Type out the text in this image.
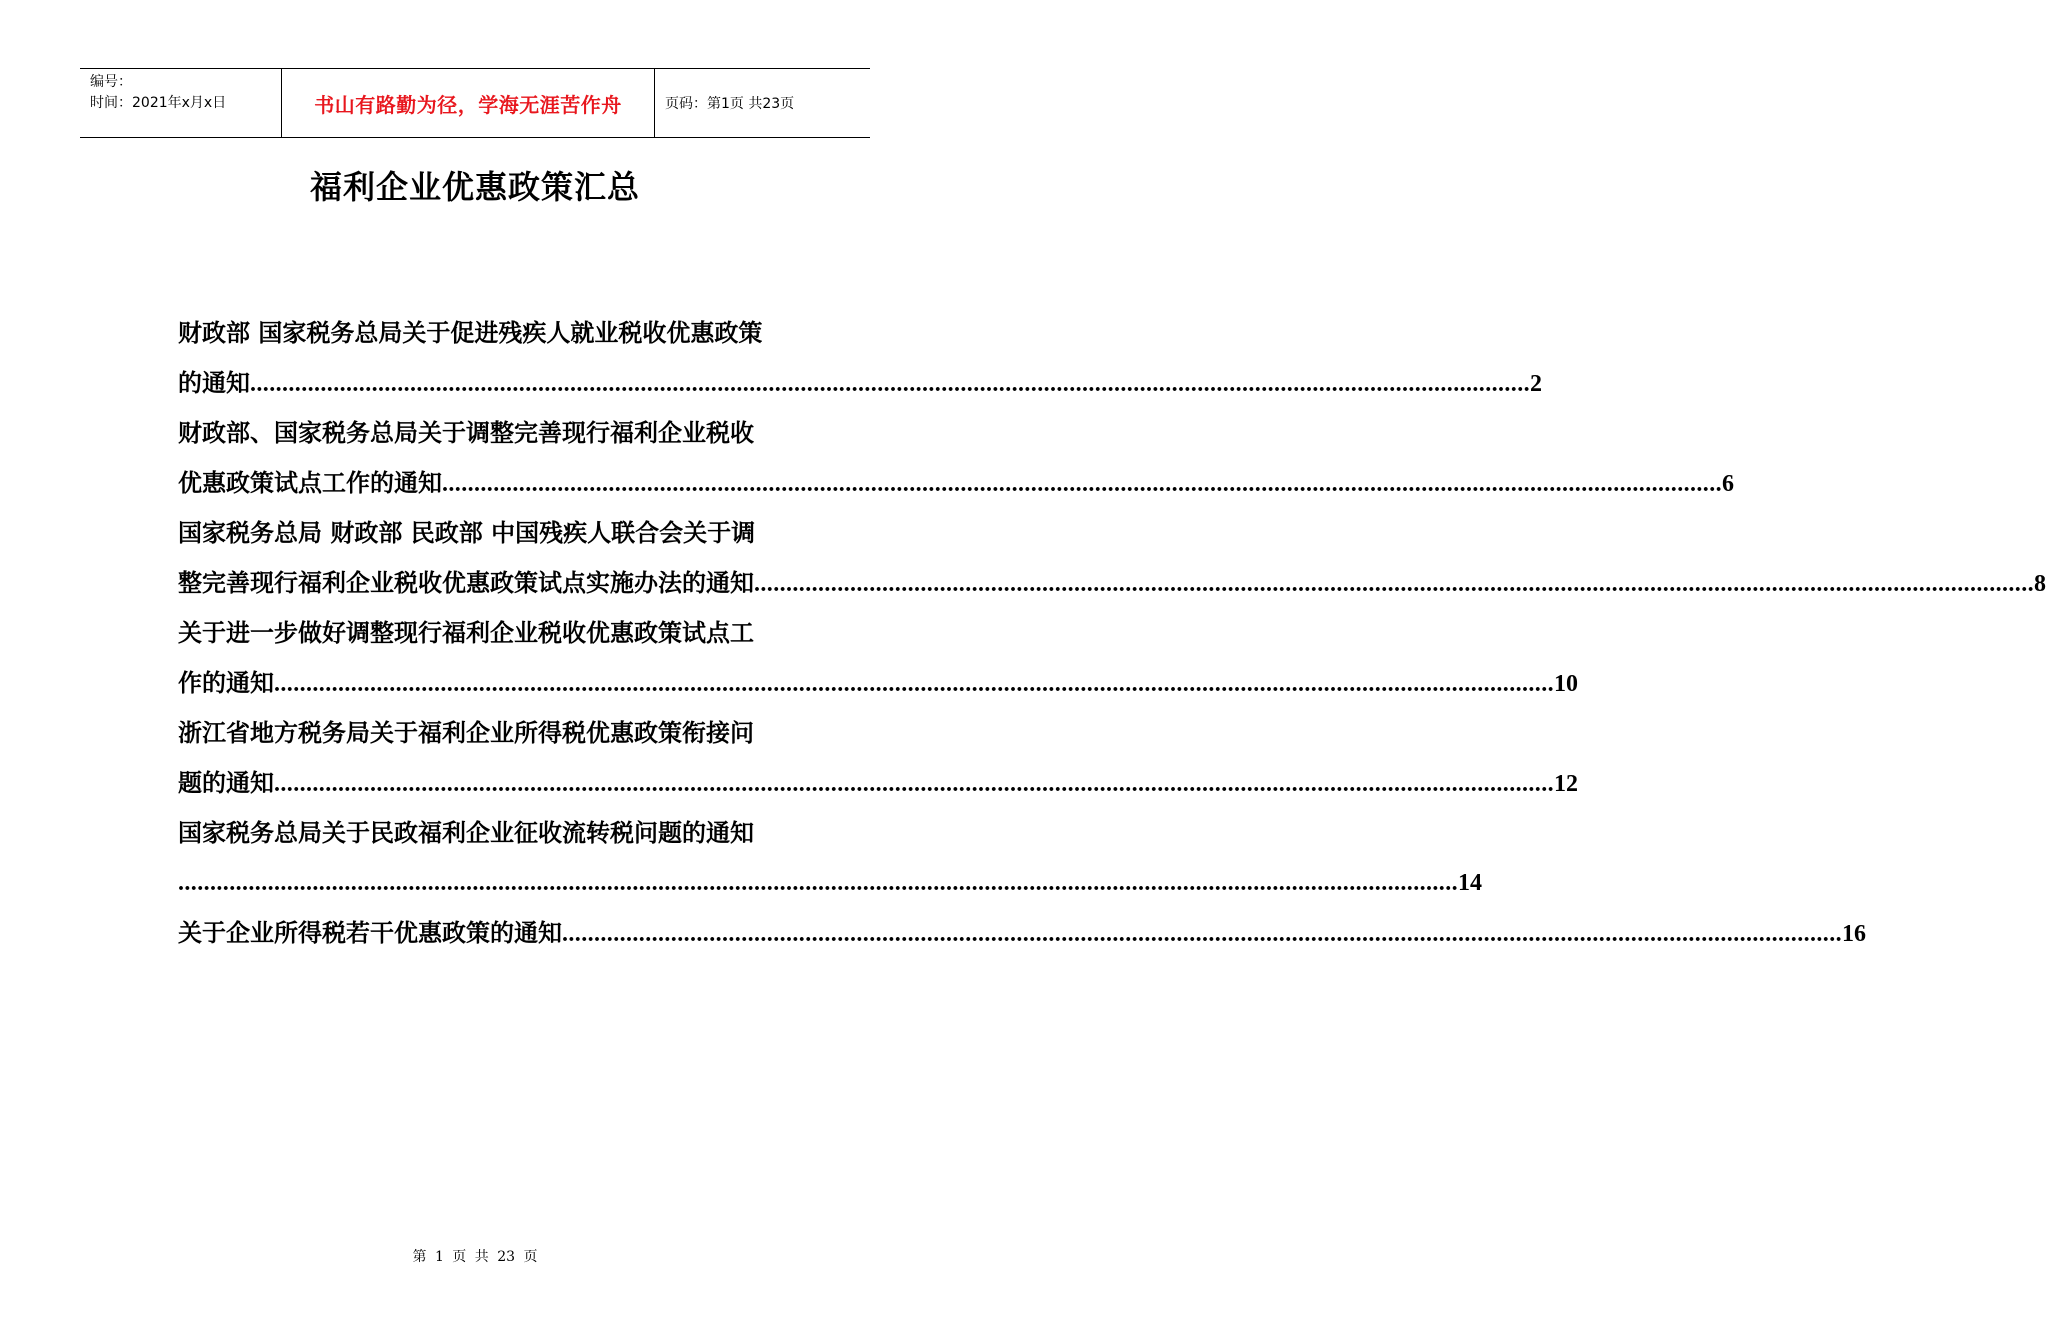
编号：
时间：2021年x月x日	书山有路勤为径，学海无涯苦作舟	页码：第1页 共23页
福利企业优惠政策汇总
财政部 国家税务总局关于促进残疾人就业税收优惠政策
的通知 ........................................................................................................................................................................................................ 2
财政部、国家税务总局关于调整完善现行福利企业税收
优惠政策试点工作的通知 ........................................................................................................................................................................................................ 6
国家税务总局 财政部 民政部 中国残疾人联合会关于调
整完善现行福利企业税收优惠政策试点实施办法的通知 ........................................................................................................................................................................................................ 8
关于进一步做好调整现行福利企业税收优惠政策试点工
作的通知 ........................................................................................................................................................................................................ 10
浙江省地方税务局关于福利企业所得税优惠政策衔接问
题的通知 ........................................................................................................................................................................................................ 12
国家税务总局关于民政福利企业征收流转税问题的通知
........................................................................................................................................................................................................ 14
关于企业所得税若干优惠政策的通知 ........................................................................................................................................................................................................ 16
第 1 页 共 23 页
